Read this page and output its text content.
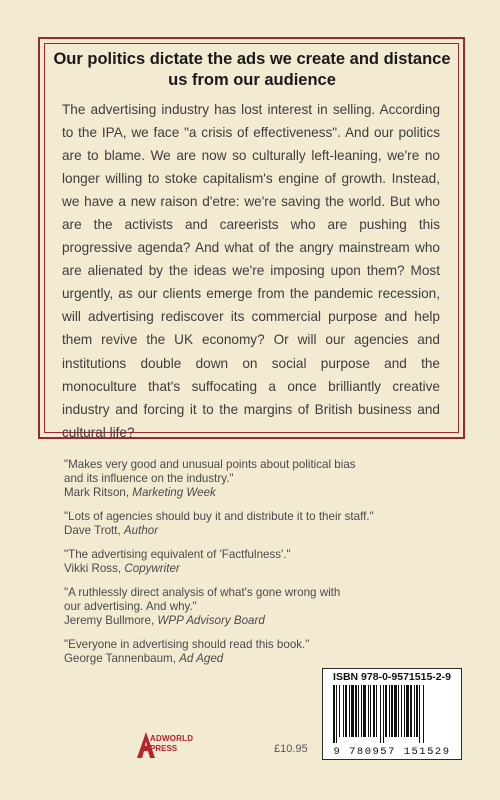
Our politics dictate the ads we create and distance us from our audience
The advertising industry has lost interest in selling. According to the IPA, we face "a crisis of effectiveness". And our politics are to blame. We are now so culturally left-leaning, we're no longer willing to stoke capitalism's engine of growth. Instead, we have a new raison d'etre: we're saving the world. But who are the activists and careerists who are pushing this progressive agenda? And what of the angry mainstream who are alienated by the ideas we're imposing upon them? Most urgently, as our clients emerge from the pandemic recession, will advertising rediscover its commercial purpose and help them revive the UK economy? Or will our agencies and institutions double down on social purpose and the monoculture that's suffocating a once brilliantly creative industry and forcing it to the margins of British business and cultural life?
"Makes very good and unusual points about political bias
and its influence on the industry."
Mark Ritson, Marketing Week
"Lots of agencies should buy it and distribute it to their staff."
Dave Trott, Author
"The advertising equivalent of 'Factfulness'."
Vikki Ross, Copywriter
"A ruthlessly direct analysis of what's gone wrong with
our advertising. And why."
Jeremy Bullmore, WPP Advisory Board
"Everyone in advertising should read this book."
George Tannenbaum, Ad Aged
ADWORLD
PRESS	£10.95
ISBN 978-0-9571515-2-9
9 780957 151529
